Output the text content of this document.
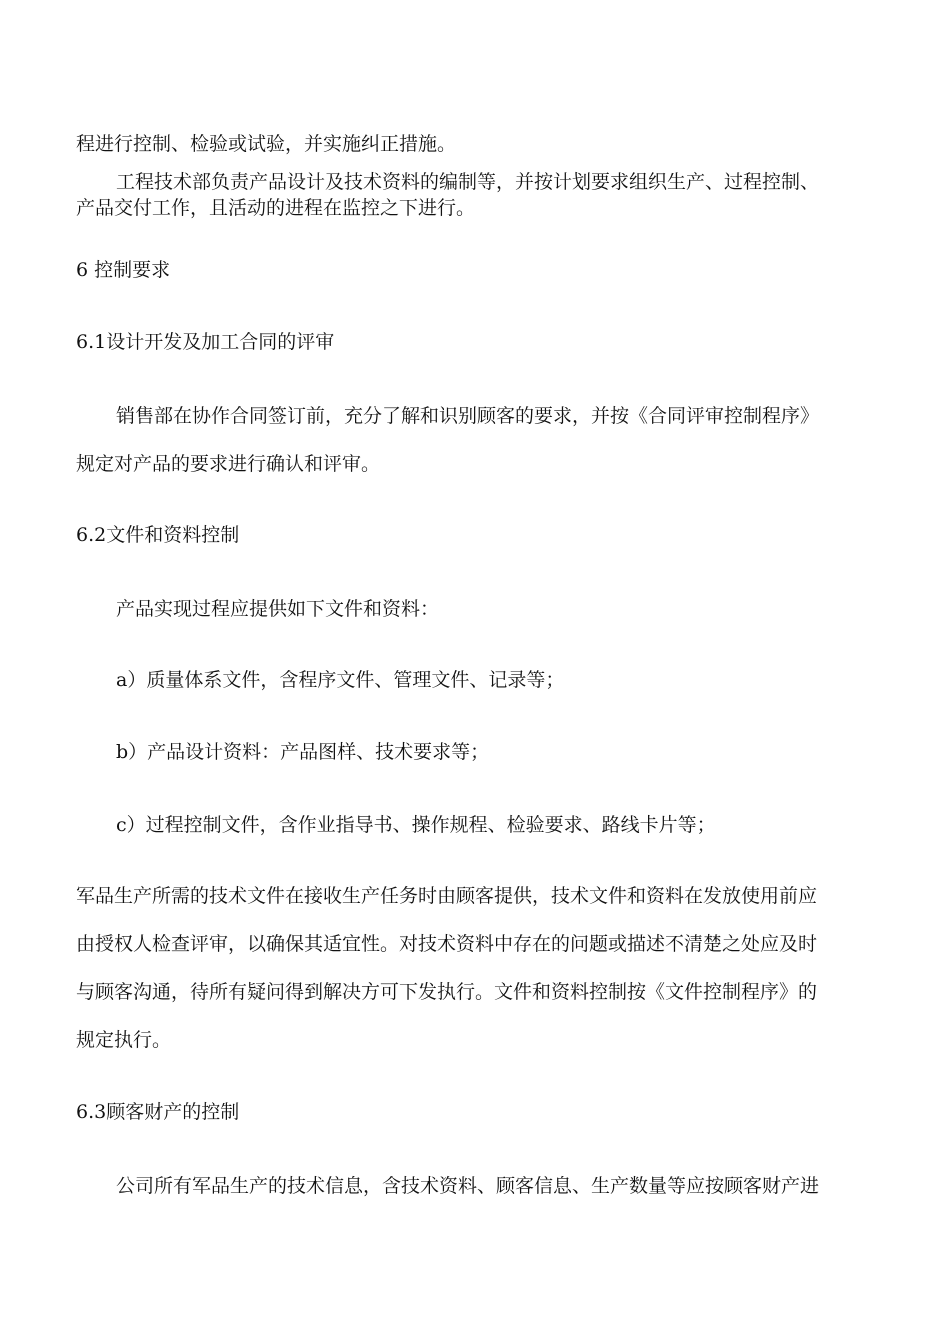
程进行控制、检验或试验，并实施纠正措施。
工程技术部负责产品设计及技术资料的编制等，并按计划要求组织生产、过程控制、
产品交付工作，且活动的进程在监控之下进行。
6 控制要求
6.1设计开发及加工合同的评审
销售部在协作合同签订前，充分了解和识别顾客的要求，并按《合同评审控制程序》
规定对产品的要求进行确认和评审。
6.2文件和资料控制
产品实现过程应提供如下文件和资料：
a）质量体系文件，含程序文件、管理文件、记录等；
b）产品设计资料：产品图样、技术要求等；
c）过程控制文件，含作业指导书、操作规程、检验要求、路线卡片等；
军品生产所需的技术文件在接收生产任务时由顾客提供，技术文件和资料在发放使用前应
由授权人检查评审，以确保其适宜性。对技术资料中存在的问题或描述不清楚之处应及时
与顾客沟通，待所有疑问得到解决方可下发执行。文件和资料控制按《文件控制程序》的
规定执行。
6.3顾客财产的控制
公司所有军品生产的技术信息，含技术资料、顾客信息、生产数量等应按顾客财产进
